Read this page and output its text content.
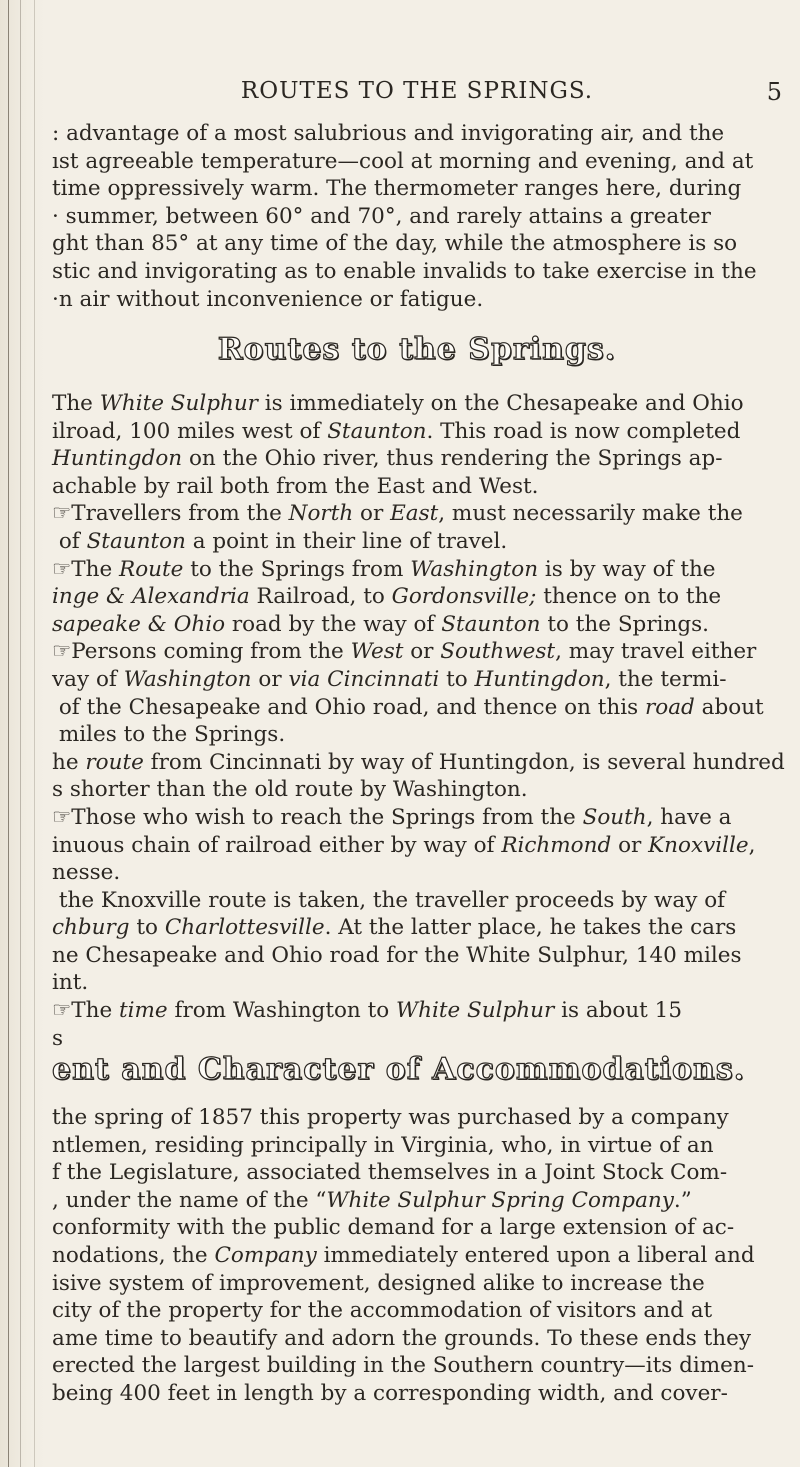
ROUTES TO THE SPRINGS.	5

: advantage of a most salubrious and invigorating air, and the

ıst agreeable temperature—cool at morning and evening, and at

time oppressively warm. The thermometer ranges here, during

· summer, between 60° and 70°, and rarely attains a greater

ght than 85° at any time of the day, while the atmosphere is so

stic and invigorating as to enable invalids to take exercise in the

·n air without inconvenience or fatigue.

Routes to the Springs.

The White Sulphur is immediately on the Chesapeake and Ohio

ilroad, 100 miles west of Staunton. This road is now completed

Huntingdon on the Ohio river, thus rendering the Springs ap-

achable by rail both from the East and West.

☞Travellers from the North or East, must necessarily make the

of Staunton a point in their line of travel.

☞The Route to the Springs from Washington is by way of the

inge & Alexandria Railroad, to Gordonsville; thence on to the

sapeake & Ohio road by the way of Staunton to the Springs.

☞Persons coming from the West or Southwest, may travel either

vay of Washington or via Cincinnati to Huntingdon, the termi-

of the Chesapeake and Ohio road, and thence on this road about

miles to the Springs.

he route from Cincinnati by way of Huntingdon, is several hundred

s shorter than the old route by Washington.

☞Those who wish to reach the Springs from the South, have a

inuous chain of railroad either by way of Richmond or Knoxville,

nesse.

the Knoxville route is taken, the traveller proceeds by way of

chburg to Charlottesville. At the latter place, he takes the cars

ne Chesapeake and Ohio road for the White Sulphur, 140 miles

int.

☞The time from Washington to White Sulphur is about 15

s

ent and Character of Accommodations.

the spring of 1857 this property was purchased by a company

ntlemen, residing principally in Virginia, who, in virtue of an

f the Legislature, associated themselves in a Joint Stock Com-

, under the name of the “White Sulphur Spring Company.”

conformity with the public demand for a large extension of ac-

nodations, the Company immediately entered upon a liberal and

isive system of improvement, designed alike to increase the

city of the property for the accommodation of visitors and at

ame time to beautify and adorn the grounds. To these ends they

erected the largest building in the Southern country—its dimen-

being 400 feet in length by a corresponding width, and cover-
